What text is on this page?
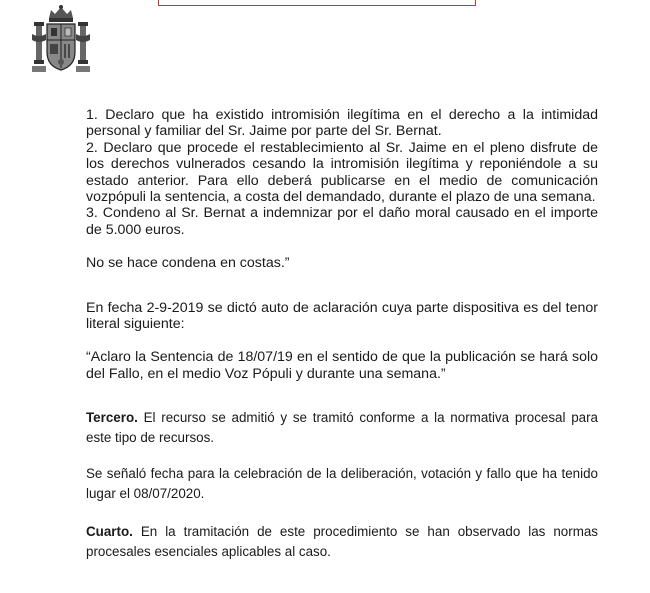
1. Declaro que ha existido intromisión ilegítima en el derecho a la intimidad personal y familiar del Sr. Jaime por parte del Sr. Bernat.

2. Declaro que procede el restablecimiento al Sr. Jaime en el pleno disfrute de los derechos vulnerados cesando la intromisión ilegítima y reponiéndole a su estado anterior. Para ello deberá publicarse en el medio de comunicación vozpópuli la sentencia, a costa del demandado, durante el plazo de una semana.

3. Condeno al Sr. Bernat a indemnizar por el daño moral causado en el importe de 5.000 euros.

No se hace condena en costas.”

En fecha 2-9-2019 se dictó auto de aclaración cuya parte dispositiva es del tenor literal siguiente:

“Aclaro la Sentencia de 18/07/19 en el sentido de que la publicación se hará solo del Fallo, en el medio Voz Pópuli y durante una semana.”

Tercero. El recurso se admitió y se tramitó conforme a la normativa procesal para este tipo de recursos.

Se señaló fecha para la celebración de la deliberación, votación y fallo que ha tenido lugar el 08/07/2020.

Cuarto. En la tramitación de este procedimiento se han observado las normas procesales esenciales aplicables al caso.
